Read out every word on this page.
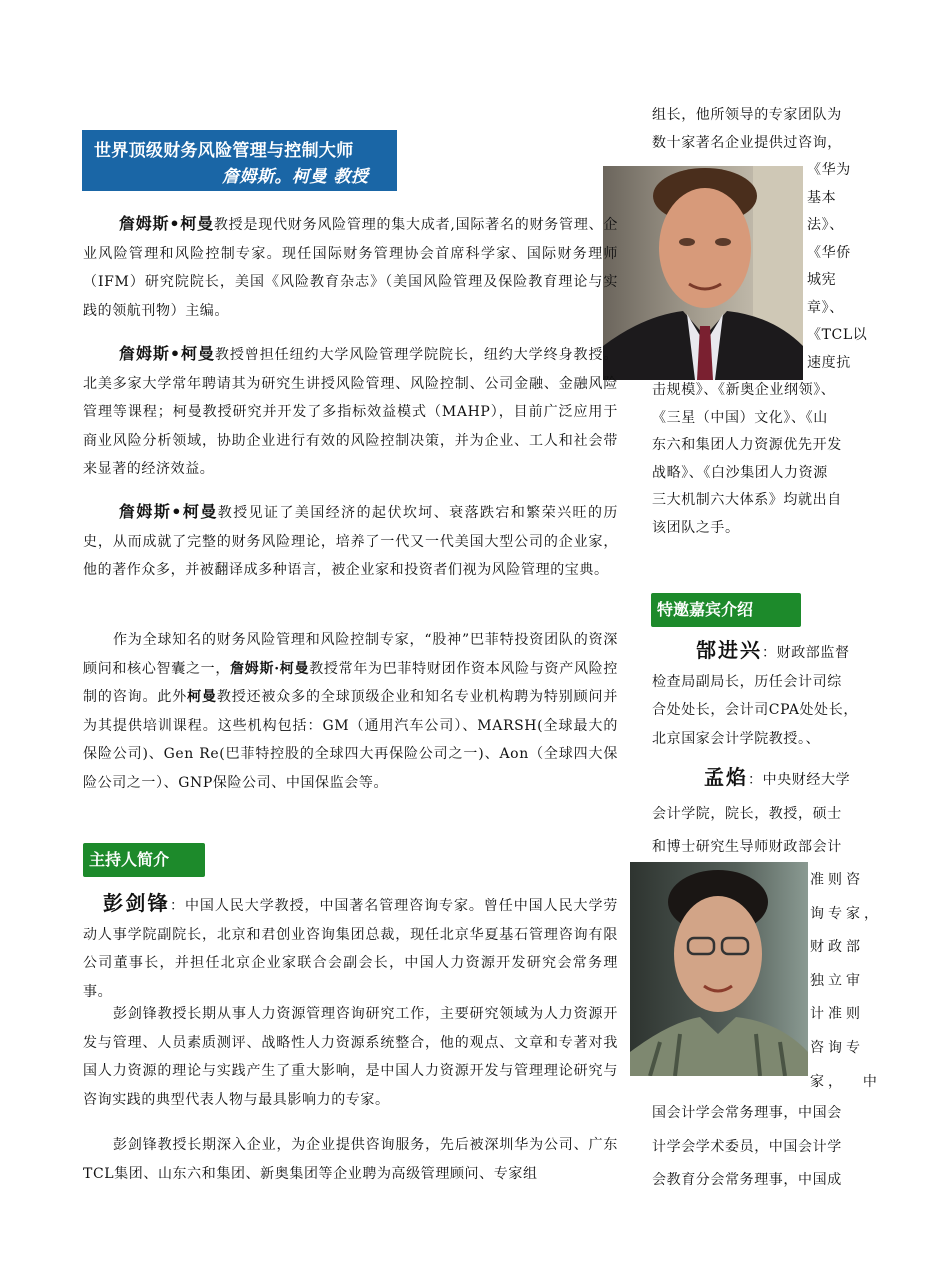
世界顶级财务风险管理与控制大师
詹姆斯。柯曼 教授

詹姆斯•柯曼教授是现代财务风险管理的集大成者,国际著名的财务管理、企业风险管理和风险控制专家。现任国际财务管理协会首席科学家、国际财务理师（IFM）研究院院长，美国《风险教育杂志》（美国风险管理及保险教育理论与实践的领航刊物）主编。

詹姆斯•柯曼教授曾担任纽约大学风险管理学院院长，纽约大学终身教授。北美多家大学常年聘请其为研究生讲授风险管理、风险控制、公司金融、金融风险管理等课程；柯曼教授研究并开发了多指标效益模式（MAHP），目前广泛应用于商业风险分析领域，协助企业进行有效的风险控制决策，并为企业、工人和社会带来显著的经济效益。

詹姆斯•柯曼教授见证了美国经济的起伏坎坷、衰落跌宕和繁荣兴旺的历史，从而成就了完整的财务风险理论，培养了一代又一代美国大型公司的企业家，他的著作众多，并被翻译成多种语言，被企业家和投资者们视为风险管理的宝典。

作为全球知名的财务风险管理和风险控制专家，“股神”巴菲特投资团队的资深顾问和核心智囊之一，詹姆斯·柯曼教授常年为巴菲特财团作资本风险与资产风险控制的咨询。此外柯曼教授还被众多的全球顶级企业和知名专业机构聘为特别顾问并为其提供培训课程。这些机构包括：GM（通用汽车公司）、MARSH(全球最大的保险公司)、Gen Re(巴菲特控股的全球四大再保险公司之一)、Aon（全球四大保险公司之一）、GNP保险公司、中国保监会等。

主持人简介

彭剑锋：中国人民大学教授，中国著名管理咨询专家。曾任中国人民大学劳动人事学院副院长，北京和君创业咨询集团总裁，现任北京华夏基石管理咨询有限公司董事长，并担任北京企业家联合会副会长，中国人力资源开发研究会常务理事。

彭剑锋教授长期从事人力资源管理咨询研究工作，主要研究领域为人力资源开发与管理、人员素质测评、战略性人力资源系统整合，他的观点、文章和专著对我国人力资源的理论与实践产生了重大影响，是中国人力资源开发与管理理论研究与咨询实践的典型代表人物与最具影响力的专家。

彭剑锋教授长期深入企业，为企业提供咨询服务，先后被深圳华为公司、广东TCL集团、山东六和集团、新奥集团等企业聘为高级管理顾问、专家组

组长，他所领导的专家团队为
数十家著名企业提供过咨询，
《华为
基本
法》、
《华侨
城宪
章》、
《TCL以
速度抗
击规模》、《新奥企业纲领》、
《三星（中国）文化》、《山
东六和集团人力资源优先开发
战略》、《白沙集团人力资源
三大机制六大体系》均就出自
该团队之手。
特邀嘉宾介绍
郜进兴：财政部监督
检查局副局长，历任会计司综
合处处长，会计司CPA处处长，
北京国家会计学院教授。、
孟焰：中央财经大学
会计学院，院长，教授，硕士
和博士研究生导师财政部会计
准则咨
询专家，
财政部
独立审
计准则
咨询专
家，  中
国会计学会常务理事，中国会
计学会学术委员，中国会计学
会教育分会常务理事，中国成
